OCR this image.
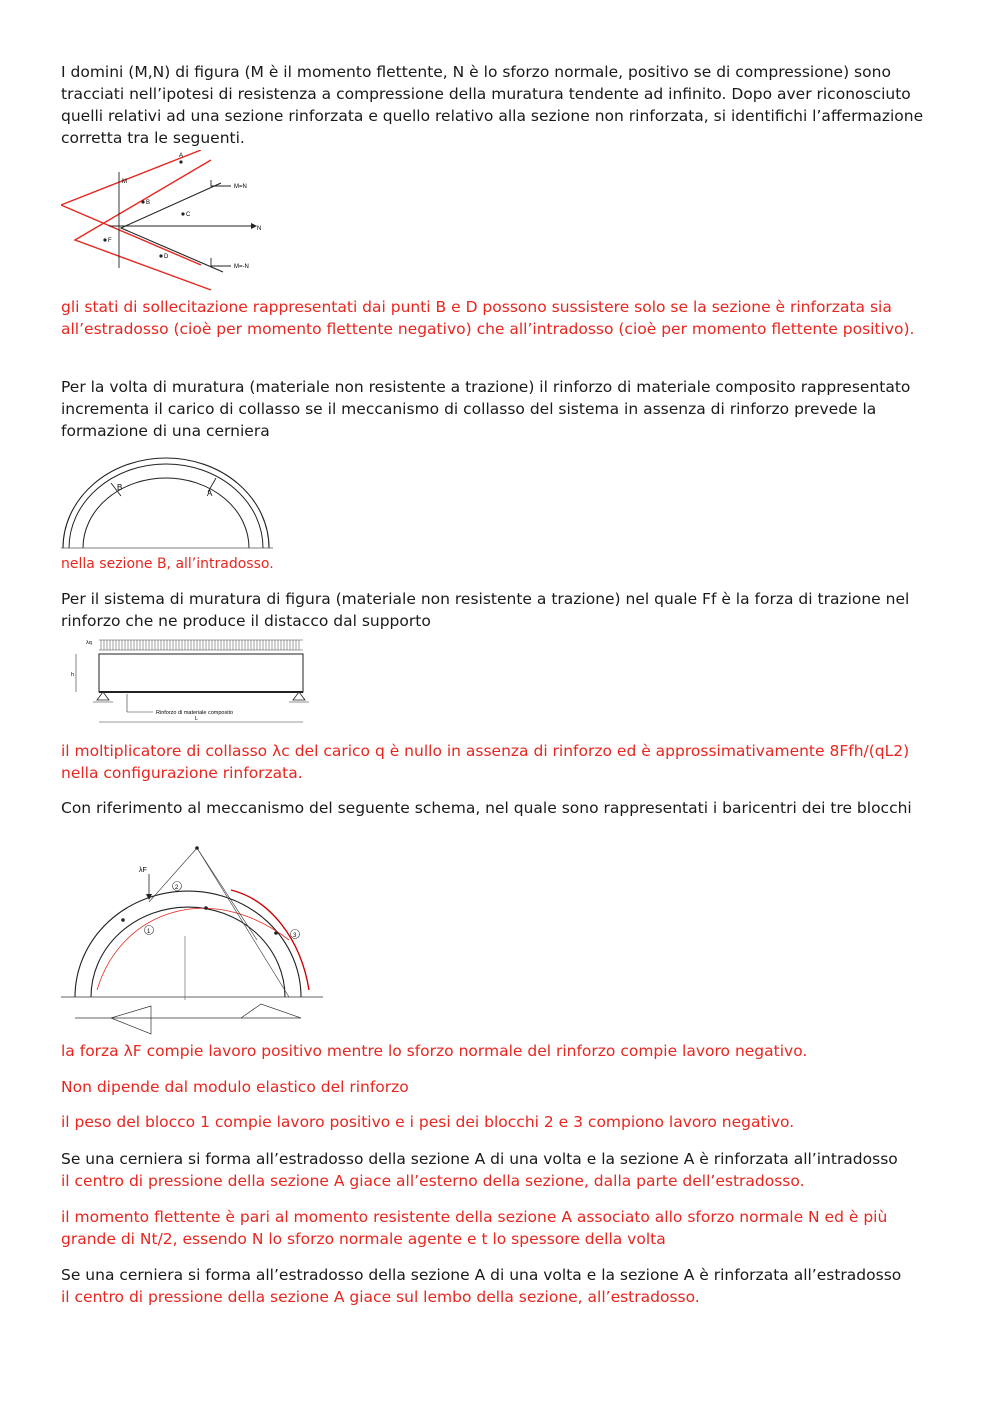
I domini (M,N) di figura (M è il momento flettente, N è lo sforzo normale, positivo se di compressione) sono tracciati nell’ipotesi di resistenza a compressione della muratura tendente ad infinito. Dopo aver riconosciuto quelli relativi ad una sezione rinforzata e quello relativo alla sezione non rinforzata, si identifichi l’affermazione corretta tra le seguenti.

A
B
C
D
F
M
N
M=N
M=-N

gli stati di sollecitazione rappresentati dai punti B e D possono sussistere solo se la sezione è rinforzata sia all’estradosso (cioè per momento flettente negativo) che all’intradosso (cioè per momento flettente positivo).

Per la volta di muratura (materiale non resistente a trazione) il rinforzo di materiale composito rappresentato incrementa il carico di collasso se il meccanismo di collasso del sistema in assenza di rinforzo prevede la formazione di una cerniera

B
A

nella sezione B, all’intradosso.

Per il sistema di muratura di figura (materiale non resistente a trazione) nel quale Ff è la forza di trazione nel rinforzo che ne produce il distacco dal supporto

λq
h
L
Rinforzo di materiale composito

il moltiplicatore di collasso λc del carico q è nullo in assenza di rinforzo ed è approssimativamente 8Ffh/(qL2) nella configurazione rinforzata.

Con riferimento al meccanismo del seguente schema, nel quale sono rappresentati i baricentri dei tre blocchi

λF
1
2
3

la forza λF compie lavoro positivo mentre lo sforzo normale del rinforzo compie lavoro negativo.

Non dipende dal modulo elastico del rinforzo

il peso del blocco 1 compie lavoro positivo e i pesi dei blocchi 2 e 3 compiono lavoro negativo.

Se una cerniera si forma all’estradosso della sezione A di una volta e la sezione A è rinforzata all’intradosso

il centro di pressione della sezione A giace all’esterno della sezione, dalla parte dell’estradosso.

il momento flettente è pari al momento resistente della sezione A associato allo sforzo normale N ed è più grande di Nt/2, essendo N lo sforzo normale agente e t lo spessore della volta

Se una cerniera si forma all’estradosso della sezione A di una volta e la sezione A è rinforzata all’estradosso

il centro di pressione della sezione A giace sul lembo della sezione, all’estradosso.
